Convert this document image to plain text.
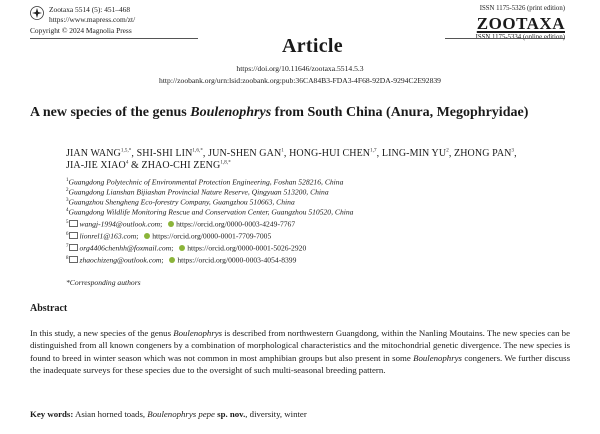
Zootaxa 5514 (5): 451–468
https://www.mapress.com/zt/
Copyright © 2024 Magnolia Press
Article
ISSN 1175-5326 (print edition)
ZOOTAXA
ISSN 1175-5334 (online edition)
https://doi.org/10.11646/zootaxa.5514.5.3
http://zoobank.org/urn:lsid:zoobank.org:pub:36CA84B3-FDA3-4F68-92DA-9294C2E92839
A new species of the genus Boulenophrys from South China (Anura, Megophryidae)
JIAN $WANG^{1,5,*}$, SHI-SHI $LIN^{1,6,*}$, JUN-SHEN GAN$^1$, HONG-HUI CHEN$^{1,7}$, LING-MIN $YU^2$, ZHONG PAN$^3$,
JIA-JIE XIAO$^4$ & ZHAO-CHI $ZENG^{1,8,*}$
$^1$Guangdong Polytechnic of Environmental Protection Engineering, Foshan 528216, China
$^2$Guangdong Lianshan Bijiashan Provincial Nature Reserve, Qingyuan 513200, China
$^3$Guangzhou Shengheng Eco-forestry Company, Guangzhou 510663, China
$^4$Guangdong Wildlife Monitoring Rescue and Conservation Center, Guangzhou 510520, China
$^5$ wangj-1994@outlook.com; https://orcid.org/0000-0003-4249-7767
$^6$ lionrel1@163.com; https://orcid.org/0000-0001-7709-7005
$^7$ org4406chenhh@foxmail.com; https://orcid.org/0000-0001-5026-2920
$^8$ zhaochizeng@outlook.com; https://orcid.org/0000-0003-4054-8399
*Corresponding authors
Abstract
In this study, a new species of the genus Boulenophrys is described from northwestern Guangdong, within the Nanling Moutains. The new species can be distinguished from all known congeners by a combination of morphological characteristics and the mitochondrial genetic divergence. The new species is found to breed in winter season which was not common in most amphibian groups but also present in some Boulenophrys congeners. We further discuss the inadequate surveys for these species due to the oversight of such multi-seasonal breeding pattern.
Key words: Asian horned toads, Boulenophrys pepe sp. nov., diversity, winter
